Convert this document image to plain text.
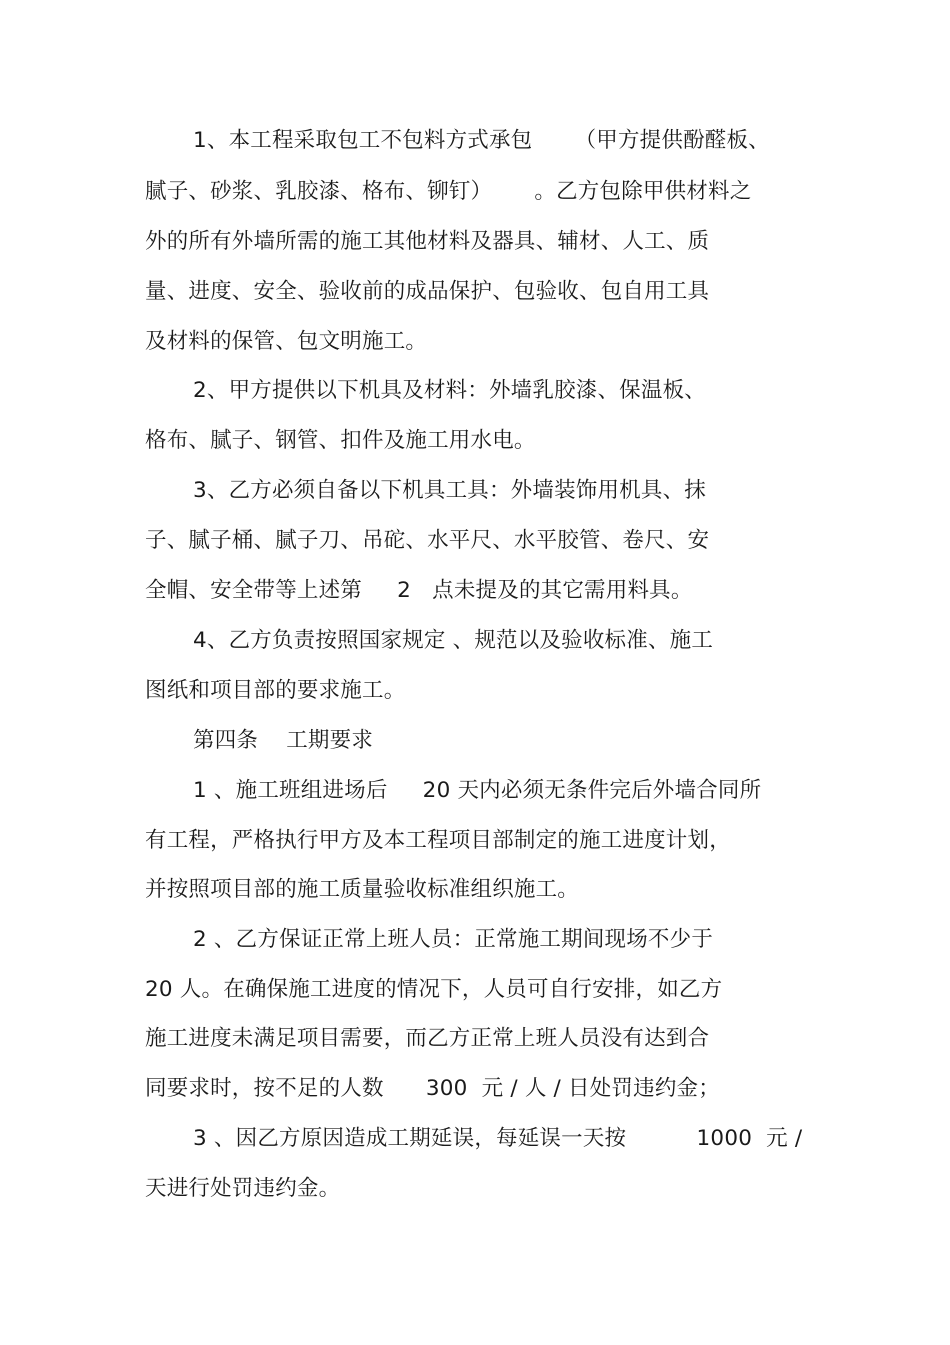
1、本工程采取包工不包料方式承包      （甲方提供酚醛板、
腻子、砂浆、乳胶漆、格布、铆钉）      。乙方包除甲供材料之
外的所有外墙所需的施工其他材料及器具、辅材、人工、质
量、进度、安全、验收前的成品保护、包验收、包自用工具
及材料的保管、包文明施工。
2、甲方提供以下机具及材料：外墙乳胶漆、保温板、
格布、腻子、钢管、扣件及施工用水电。
3、乙方必须自备以下机具工具：外墙装饰用机具、抹
子、腻子桶、腻子刀、吊砣、水平尺、水平胶管、卷尺、安
全帽、安全带等上述第     2   点未提及的其它需用料具。
4、乙方负责按照国家规定 、规范以及验收标准、施工
图纸和项目部的要求施工。
第四条    工期要求
1 、施工班组进场后     20 天内必须无条件完后外墙合同所
有工程，严格执行甲方及本工程项目部制定的施工进度计划，
并按照项目部的施工质量验收标准组织施工。
2 、乙方保证正常上班人员：正常施工期间现场不少于
20 人。在确保施工进度的情况下，人员可自行安排，如乙方
施工进度未满足项目需要，而乙方正常上班人员没有达到合
同要求时，按不足的人数      300  元 / 人 / 日处罚违约金；
3 、因乙方原因造成工期延误，每延误一天按          1000  元 /
天进行处罚违约金。
